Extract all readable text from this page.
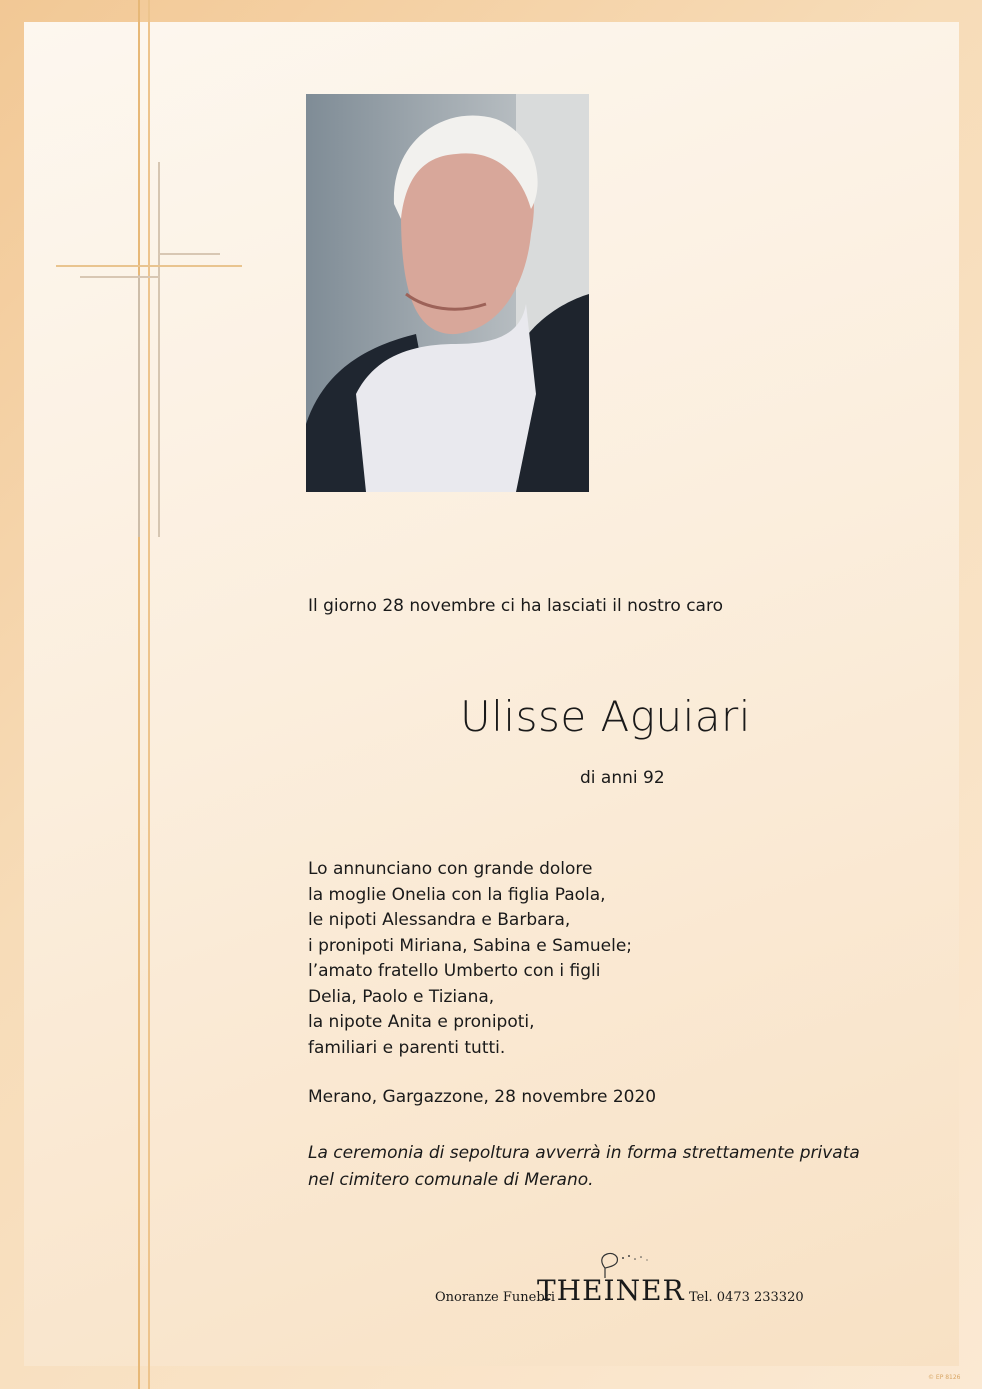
Il giorno 28 novembre ci ha lasciati il nostro caro
Ulisse Aguiari
di anni 92
Lo annunciano con grande dolore
la moglie Onelia con la figlia Paola,
le nipoti Alessandra e Barbara,
i pronipoti Miriana, Sabina e Samuele;
l’amato fratello Umberto con i figli
Delia, Paolo e Tiziana,
la nipote Anita e pronipoti,
familiari e parenti tutti.
Merano, Gargazzone, 28 novembre 2020
La ceremonia di sepoltura avverrà in forma strettamente privata
nel cimitero comunale di Merano.
Onoranze Funebri
THEINER Tel. 0473 233320
© EP 8126
